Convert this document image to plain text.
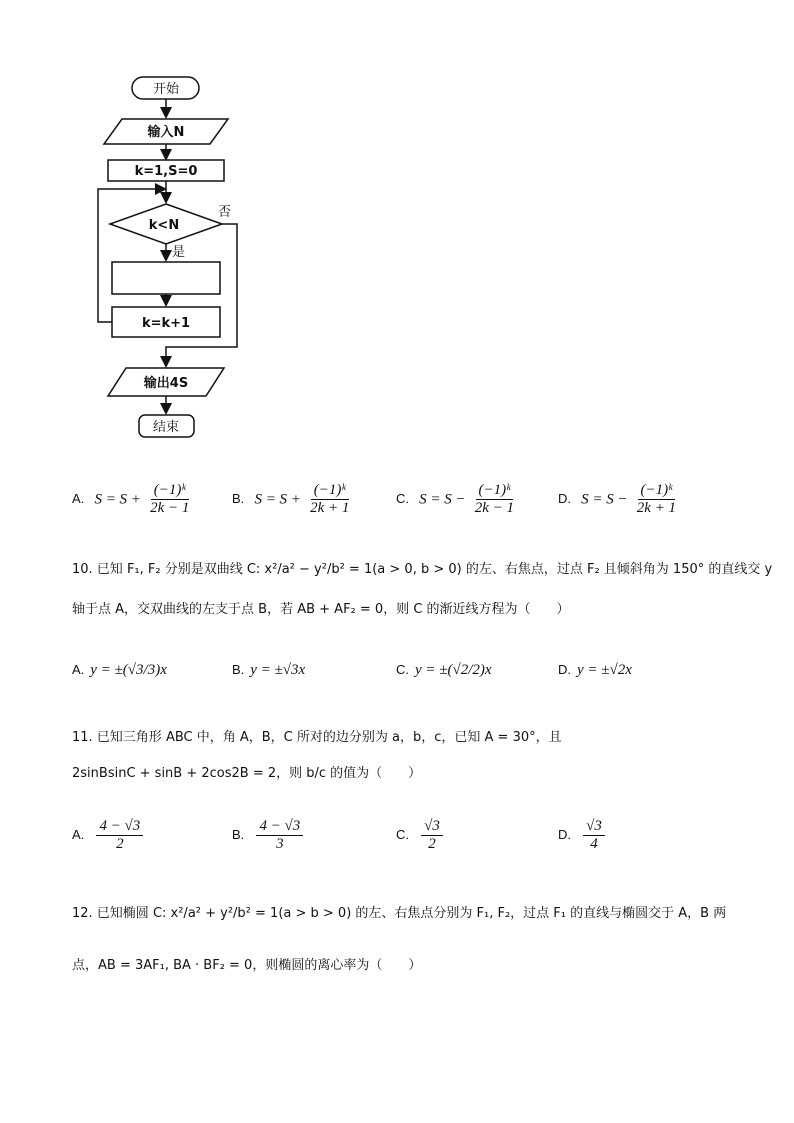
开始
输入N
k=1,S=0
k<N
否
是
k=k+1
输出4S
结束
A. $S = S + \frac{\text{(−1)ᵏ}}{2k - 1}$	B. $S = S + \frac{\text{(−1)ᵏ}}{2k + 1}$	C. $S = S - \frac{\text{(−1)ᵏ}}{2k - 1}$	D. $S = S - \frac{\text{(−1)ᵏ}}{2k + 1}$
10. 已知 F₁, F₂ 分别是双曲线 C: x²/a² − y²/b² = 1(a > 0, b > 0) 的左、右焦点，过点 F₂ 且倾斜角为 150° 的直线交 y
轴于点 A，交双曲线的左支于点 B，若 AB + AF₂ = 0，则 C 的渐近线方程为（　　）
A. y = ±(√3/3)x	B. y = ±√3x	C. y = ±(√2/2)x	D. y = ±√2x
11. 已知三角形 ABC 中，角 A，B，C 所对的边分别为 a，b，c，已知 A = 30°，且
2sinBsinC + sinB + 2cos2B = 2，则 b/c 的值为（　　）
A. $\frac{4 - √3}{2}$	B. $\frac{4 - √3}{3}$	C. $\frac{√3}{2}$	D. $\frac{√3}{4}$
12. 已知椭圆 C: x²/a² + y²/b² = 1(a > b > 0) 的左、右焦点分别为 F₁, F₂，过点 F₁ 的直线与椭圆交于 A，B 两
点，AB = 3AF₁, BA · BF₂ = 0，则椭圆的离心率为（　　）
